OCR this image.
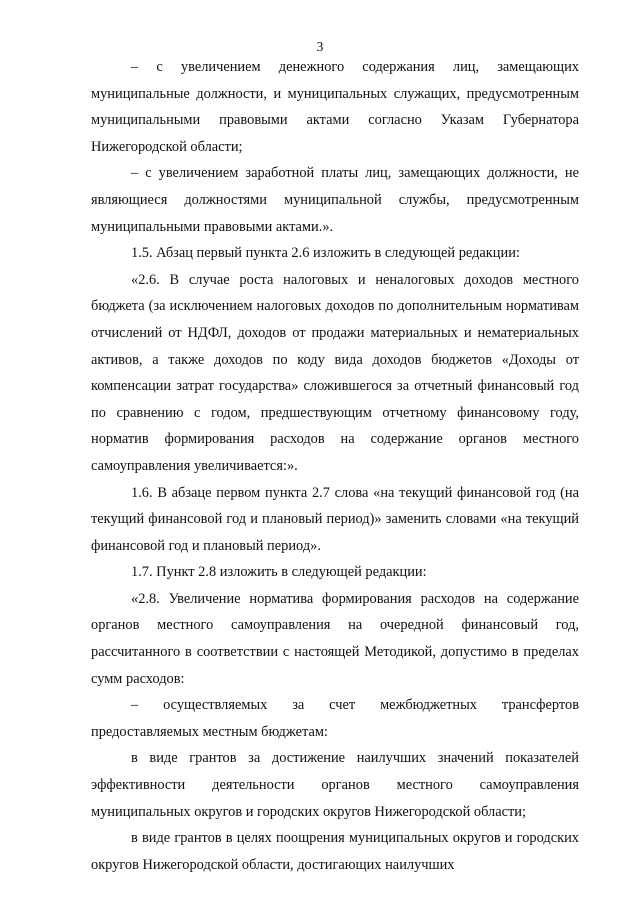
3

– с увеличением денежного содержания лиц, замещающих муниципальные должности, и муниципальных служащих, предусмотренным муниципальными правовыми актами согласно Указам Губернатора Нижегородской области;

– с увеличением заработной платы лиц, замещающих должности, не являющиеся должностями муниципальной службы, предусмотренным муниципальными правовыми актами.».

1.5. Абзац первый пункта 2.6 изложить в следующей редакции:

«2.6. В случае роста налоговых и неналоговых доходов местного бюджета (за исключением налоговых доходов по дополнительным нормативам отчислений от НДФЛ, доходов от продажи материальных и нематериальных активов, а также доходов по коду вида доходов бюджетов «Доходы от компенсации затрат государства» сложившегося за отчетный финансовый год по сравнению с годом, предшествующим отчетному финансовому году, норматив формирования расходов на содержание органов местного самоуправления увеличивается:».

1.6. В абзаце первом пункта 2.7 слова «на текущий финансовой год (на текущий финансовой год и плановый период)» заменить словами «на текущий финансовой год и плановый период».

1.7. Пункт 2.8 изложить в следующей редакции:

«2.8. Увеличение норматива формирования расходов на содержание органов местного самоуправления на очередной финансовый год, рассчитанного в соответствии с настоящей Методикой, допустимо в пределах сумм расходов:

– осуществляемых за счет межбюджетных трансфертов предоставляемых местным бюджетам:

в виде грантов за достижение наилучших значений показателей эффективности деятельности органов местного самоуправления муниципальных округов и городских округов Нижегородской области;

в виде грантов в целях поощрения муниципальных округов и городских округов Нижегородской области, достигающих наилучших
